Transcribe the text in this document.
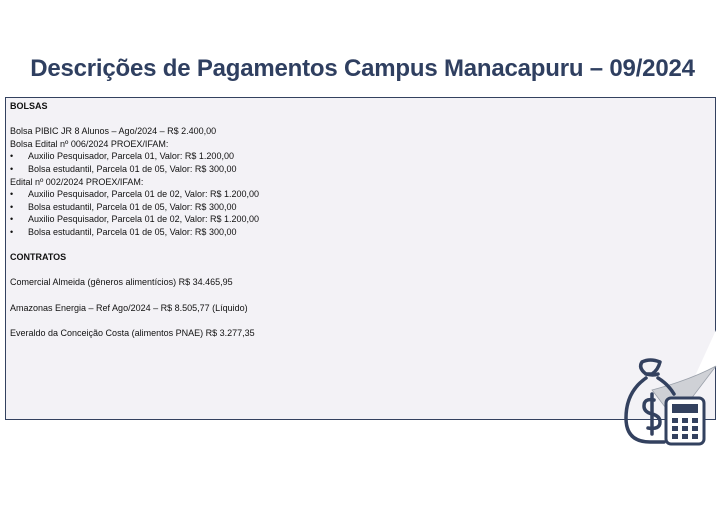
Descrições de Pagamentos Campus Manacapuru – 09/2024
BOLSAS
Bolsa PIBIC JR 8 Alunos – Ago/2024 – R$ 2.400,00
Bolsa Edital nº 006/2024 PROEX/IFAM:
• Auxilio Pesquisador, Parcela 01, Valor: R$ 1.200,00
• Bolsa estudantil, Parcela 01 de 05, Valor: R$ 300,00
Edital nº 002/2024 PROEX/IFAM:
• Auxilio Pesquisador, Parcela 01 de 02, Valor: R$ 1.200,00
• Bolsa estudantil, Parcela 01 de 05, Valor: R$ 300,00
• Auxilio Pesquisador, Parcela 01 de 02, Valor: R$ 1.200,00
• Bolsa estudantil, Parcela 01 de 05, Valor: R$ 300,00
CONTRATOS
Comercial Almeida (gêneros alimentícios) R$ 34.465,95
Amazonas Energia – Ref Ago/2024 – R$ 8.505,77 (Líquido)
Everaldo da Conceição Costa (alimentos PNAE) R$ 3.277,35
